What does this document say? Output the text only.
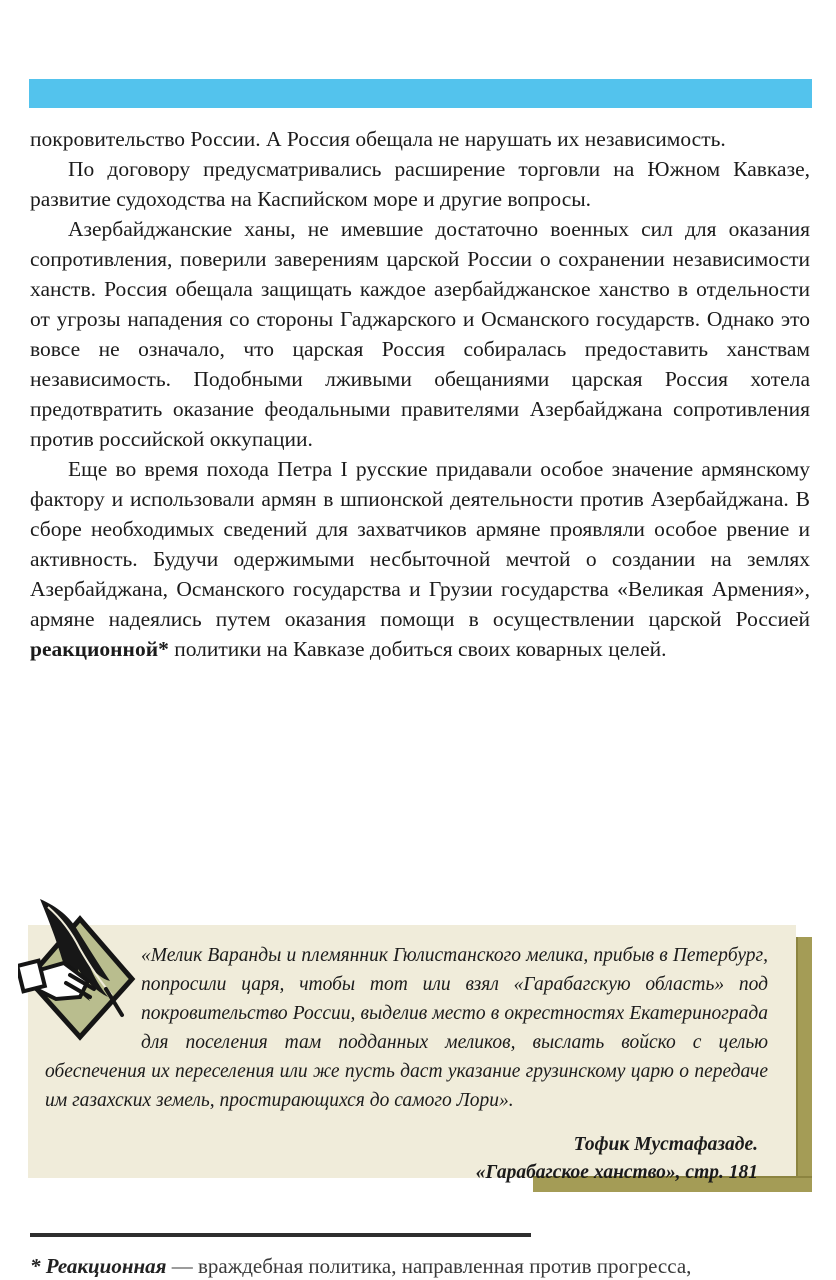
покровительство России. А Россия обещала не нарушать их независимость.

По договору предусматривались расширение торговли на Южном Кавказе, развитие судоходства на Каспийском море и другие вопросы.

Азербайджанские ханы, не имевшие достаточно военных сил для оказания сопротивления, поверили заверениям царской России о сохранении независимости ханств. Россия обещала защищать каждое азербайджанское ханство в отдельности от угрозы нападения со стороны Гаджарского и Османского государств. Однако это вовсе не означало, что царская Россия собиралась предоставить ханствам независимость. Подобными лживыми обещаниями царская Россия хотела предотвратить оказание феодальными правителями Азербайджана сопротивления против российской оккупации.

Еще во время похода Петра I русские придавали особое значение армянскому фактору и использовали армян в шпионской деятельности против Азербайджана. В сборе необходимых сведений для захватчиков армяне проявляли особое рвение и активность. Будучи одержимыми несбыточной мечтой о создании на землях Азербайджана, Османского государства и Грузии государства «Великая Армения», армяне надеялись путем оказания помощи в осуществлении царской Россией реакционной* политики на Кавказе добиться своих коварных целей.

«Мелик Варанды и племянник Гюлистанского мелика, прибыв в Петербург, попросили царя, чтобы тот или взял «Гарабагскую область» под покровительство России, выделив место в окрестностях Екатеринограда для поселения там подданных меликов, выслать войско с целью обеспечения их переселения или же пусть даст указание грузинскому царю о передаче им газахских земель, простирающихся до самого Лори».

Тофик Мустафазаде.
«Гарабагское ханство», стр. 181
* Реакционная — враждебная политика, направленная против прогресса,
